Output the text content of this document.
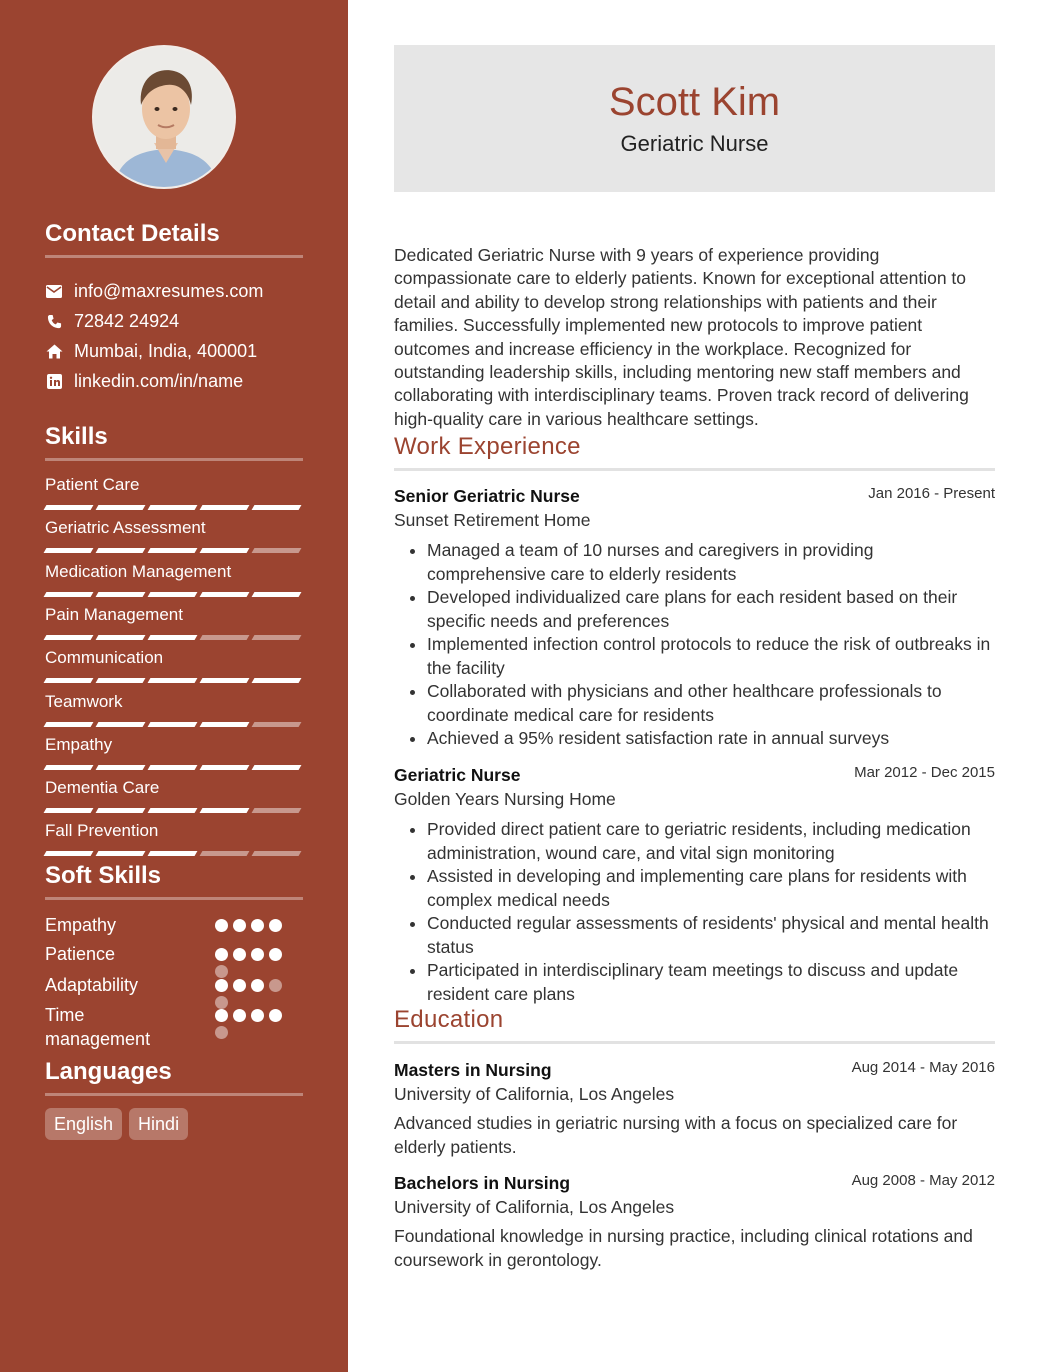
Contact Details
info@maxresumes.com
72842 24924
Mumbai, India, 400001
linkedin.com/in/name
Skills
Patient Care
Geriatric Assessment
Medication Management
Pain Management
Communication
Teamwork
Empathy
Dementia Care
Fall Prevention
Soft Skills
Empathy
Patience
Adaptability
Time management
Languages
English	Hindi
Scott Kim
Geriatric Nurse
Dedicated Geriatric Nurse with 9 years of experience providing compassionate care to elderly patients. Known for exceptional attention to detail and ability to develop strong relationships with patients and their families. Successfully implemented new protocols to improve patient outcomes and increase efficiency in the workplace. Recognized for outstanding leadership skills, including mentoring new staff members and collaborating with interdisciplinary teams. Proven track record of delivering high-quality care in various healthcare settings.
Work Experience
Senior Geriatric Nurse	Jan 2016 - Present
Sunset Retirement Home
• Managed a team of 10 nurses and caregivers in providing comprehensive care to elderly residents
• Developed individualized care plans for each resident based on their specific needs and preferences
• Implemented infection control protocols to reduce the risk of outbreaks in the facility
• Collaborated with physicians and other healthcare professionals to coordinate medical care for residents
• Achieved a 95% resident satisfaction rate in annual surveys
Geriatric Nurse	Mar 2012 - Dec 2015
Golden Years Nursing Home
• Provided direct patient care to geriatric residents, including medication administration, wound care, and vital sign monitoring
• Assisted in developing and implementing care plans for residents with complex medical needs
• Conducted regular assessments of residents' physical and mental health status
• Participated in interdisciplinary team meetings to discuss and update resident care plans
Education
Masters in Nursing	Aug 2014 - May 2016
University of California, Los Angeles
Advanced studies in geriatric nursing with a focus on specialized care for elderly patients.
Bachelors in Nursing	Aug 2008 - May 2012
University of California, Los Angeles
Foundational knowledge in nursing practice, including clinical rotations and coursework in gerontology.
